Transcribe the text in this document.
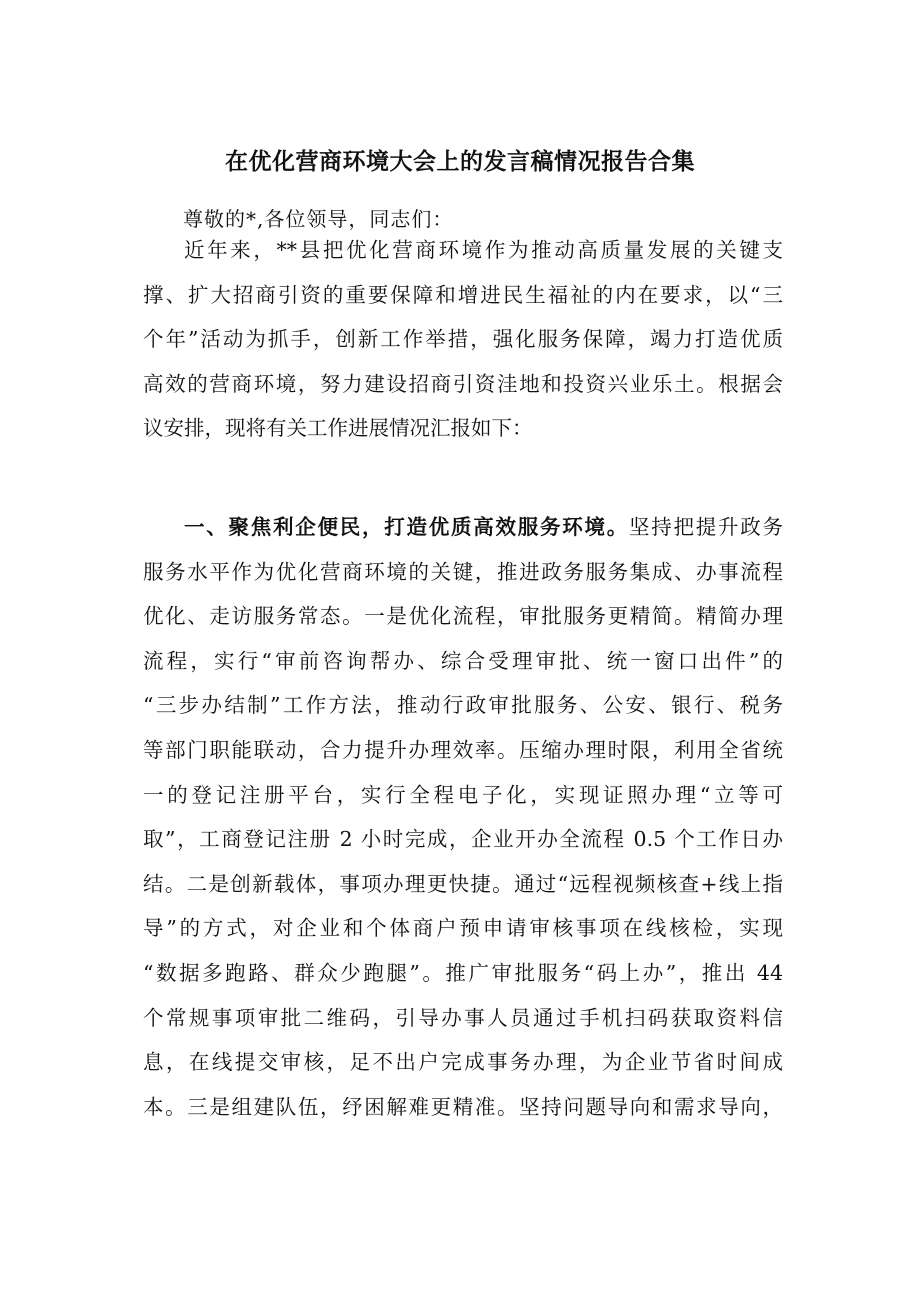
在优化营商环境大会上的发言稿情况报告合集
尊敬的*,各位领导，同志们：
近年来，**县把优化营商环境作为推动高质量发展的关键支
撑、扩大招商引资的重要保障和增进民生福祉的内在要求，以“三
个年”活动为抓手，创新工作举措，强化服务保障，竭力打造优质
高效的营商环境，努力建设招商引资洼地和投资兴业乐土。根据会
议安排，现将有关工作进展情况汇报如下：
一、聚焦利企便民，打造优质高效服务环境。坚持把提升政务
服务水平作为优化营商环境的关键，推进政务服务集成、办事流程
优化、走访服务常态。一是优化流程，审批服务更精简。精简办理
流程，实行“审前咨询帮办、综合受理审批、统一窗口出件”的
“三步办结制”工作方法，推动行政审批服务、公安、银行、税务
等部门职能联动，合力提升办理效率。压缩办理时限，利用全省统
一的登记注册平台，实行全程电子化，实现证照办理“立等可
取”，工商登记注册 2 小时完成，企业开办全流程 0.5 个工作日办
结。二是创新载体，事项办理更快捷。通过“远程视频核查+线上指
导”的方式，对企业和个体商户预申请审核事项在线核检，实现
“数据多跑路、群众少跑腿”。推广审批服务“码上办”，推出 44
个常规事项审批二维码，引导办事人员通过手机扫码获取资料信
息，在线提交审核，足不出户完成事务办理，为企业节省时间成
本。三是组建队伍，纾困解难更精准。坚持问题导向和需求导向，
